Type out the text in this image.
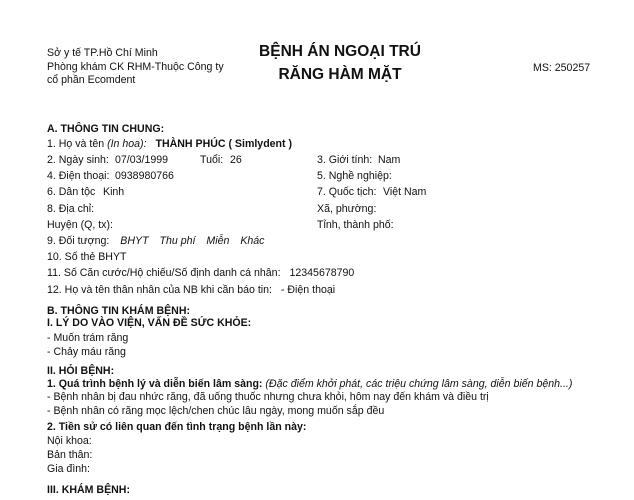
Sở y tế TP.Hồ Chí Minh
Phòng khám CK RHM-Thuộc Công ty
cổ phần Ecomdent
BỆNH ÁN NGOẠI TRÚ
RĂNG HÀM MẶT	MS: 250257
A. THÔNG TIN CHUNG:
1. Họ và tên (In hoa): THÀNH PHÚC ( Simlydent )
2. Ngày sinh: 07/03/1999	Tuổi: 26	3. Giới tính: Nam
4. Điện thoại: 0938980766	5. Nghề nghiệp:
6. Dân tộc Kinh	7. Quốc tịch: Việt Nam
8. Địa chỉ:	Xã, phường:
Huyện (Q, tx):	Tỉnh, thành phố:
9. Đối tượng: BHYT Thu phí Miễn Khác
10. Số thẻ BHYT
11. Số Căn cước/Hộ chiếu/Số định danh cá nhân: 12345678790
12. Họ và tên thân nhân của NB khi cần báo tin: - Điện thoại
B. THÔNG TIN KHÁM BỆNH:
I. LÝ DO VÀO VIỆN, VẤN ĐỀ SỨC KHỎE:
- Muốn trám răng
- Chảy máu răng
II. HỎI BỆNH:
1. Quá trình bệnh lý và diễn biến lâm sàng: (Đặc điểm khởi phát, các triệu chứng lâm sàng, diễn biến bệnh...)
- Bệnh nhân bị đau nhức răng, đã uống thuốc nhưng chưa khỏi, hôm nay đến khám và điều trị
- Bệnh nhân có răng mọc lệch/chen chúc lâu ngày, mong muốn sắp đều
2. Tiền sử có liên quan đến tình trạng bệnh lần này:
Nội khoa:
Bản thân:
Gia đình:
III. KHÁM BỆNH:
